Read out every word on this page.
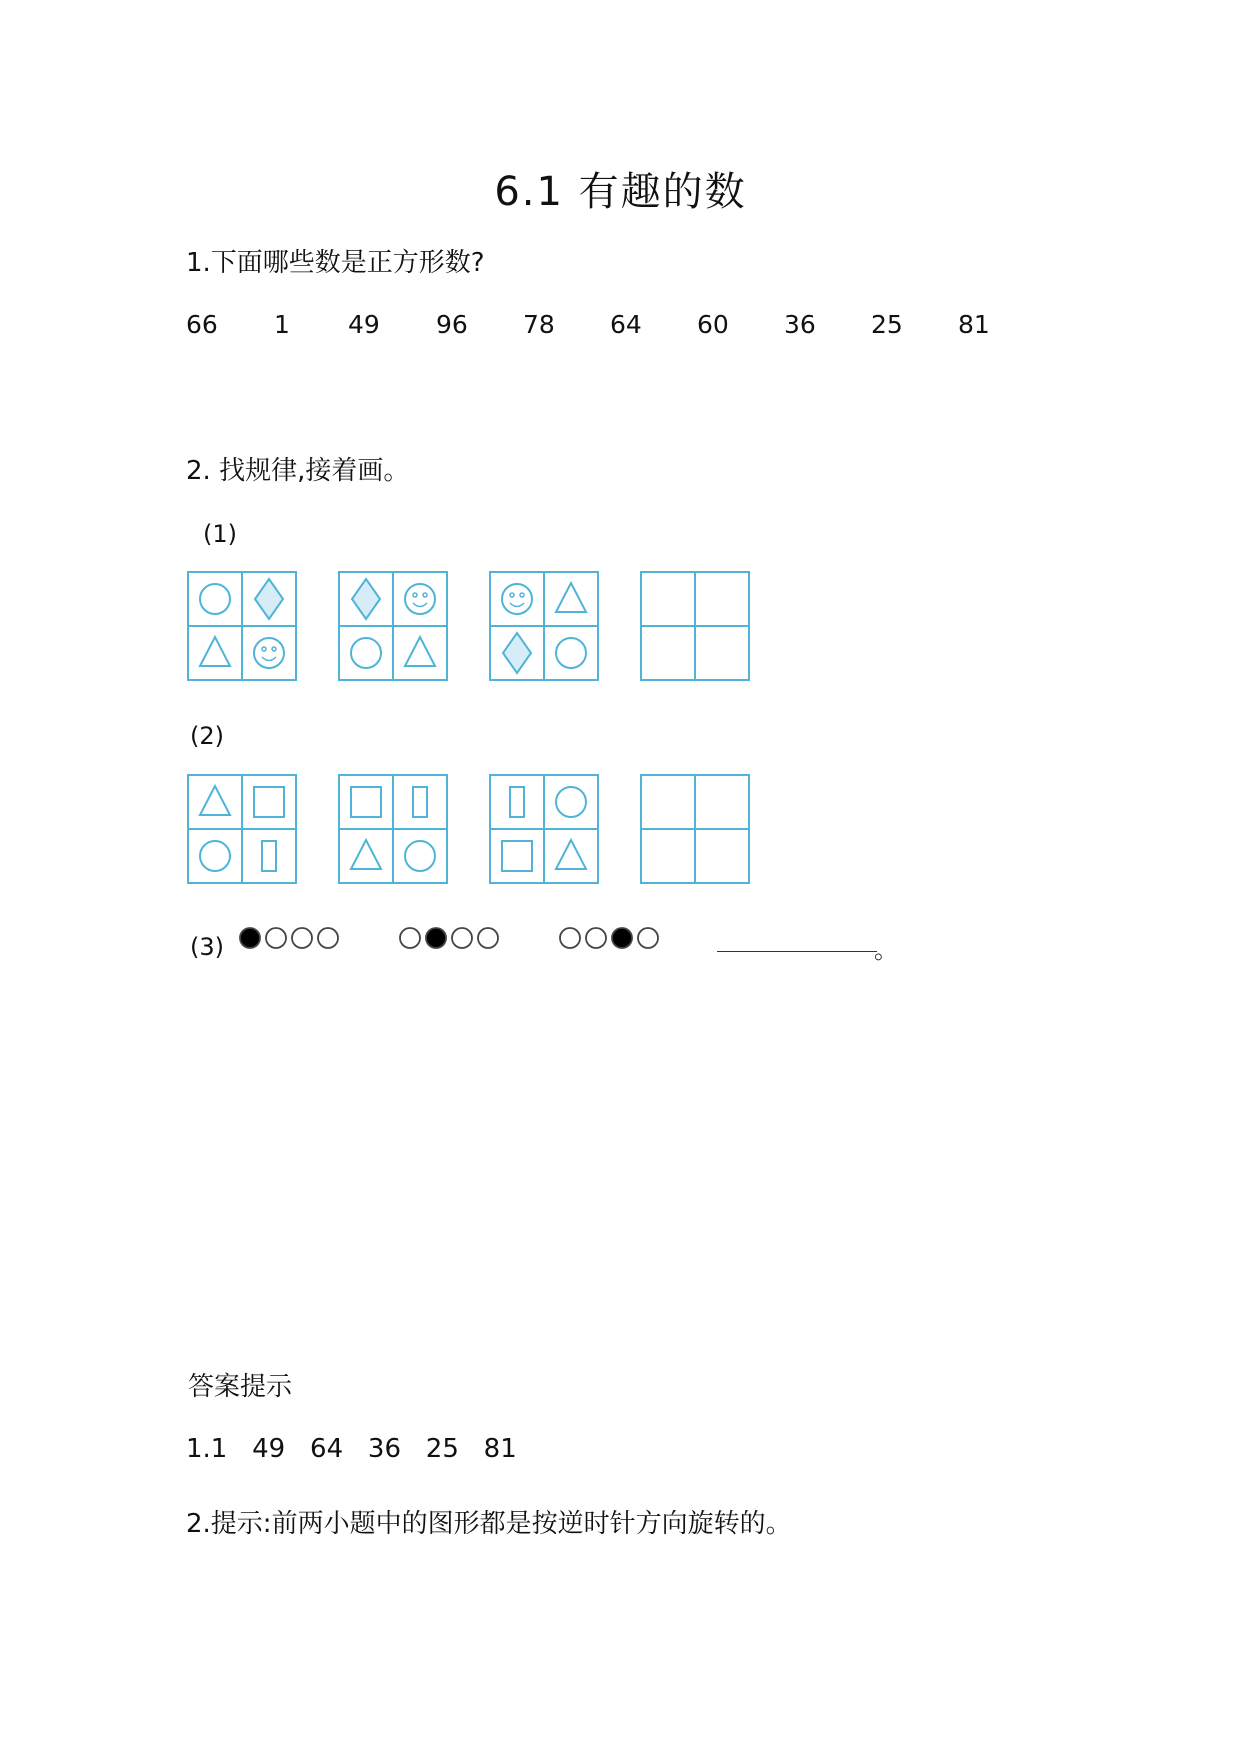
6.1 有趣的数
1.下面哪些数是正方形数?
66 1 49 96 78 64 60 36 25 81
2. 找规律,接着画。
(1)
(2)
(3)	。
答案提示
1.1   49   64   36   25   81
2.提示:前两小题中的图形都是按逆时针方向旋转的。
